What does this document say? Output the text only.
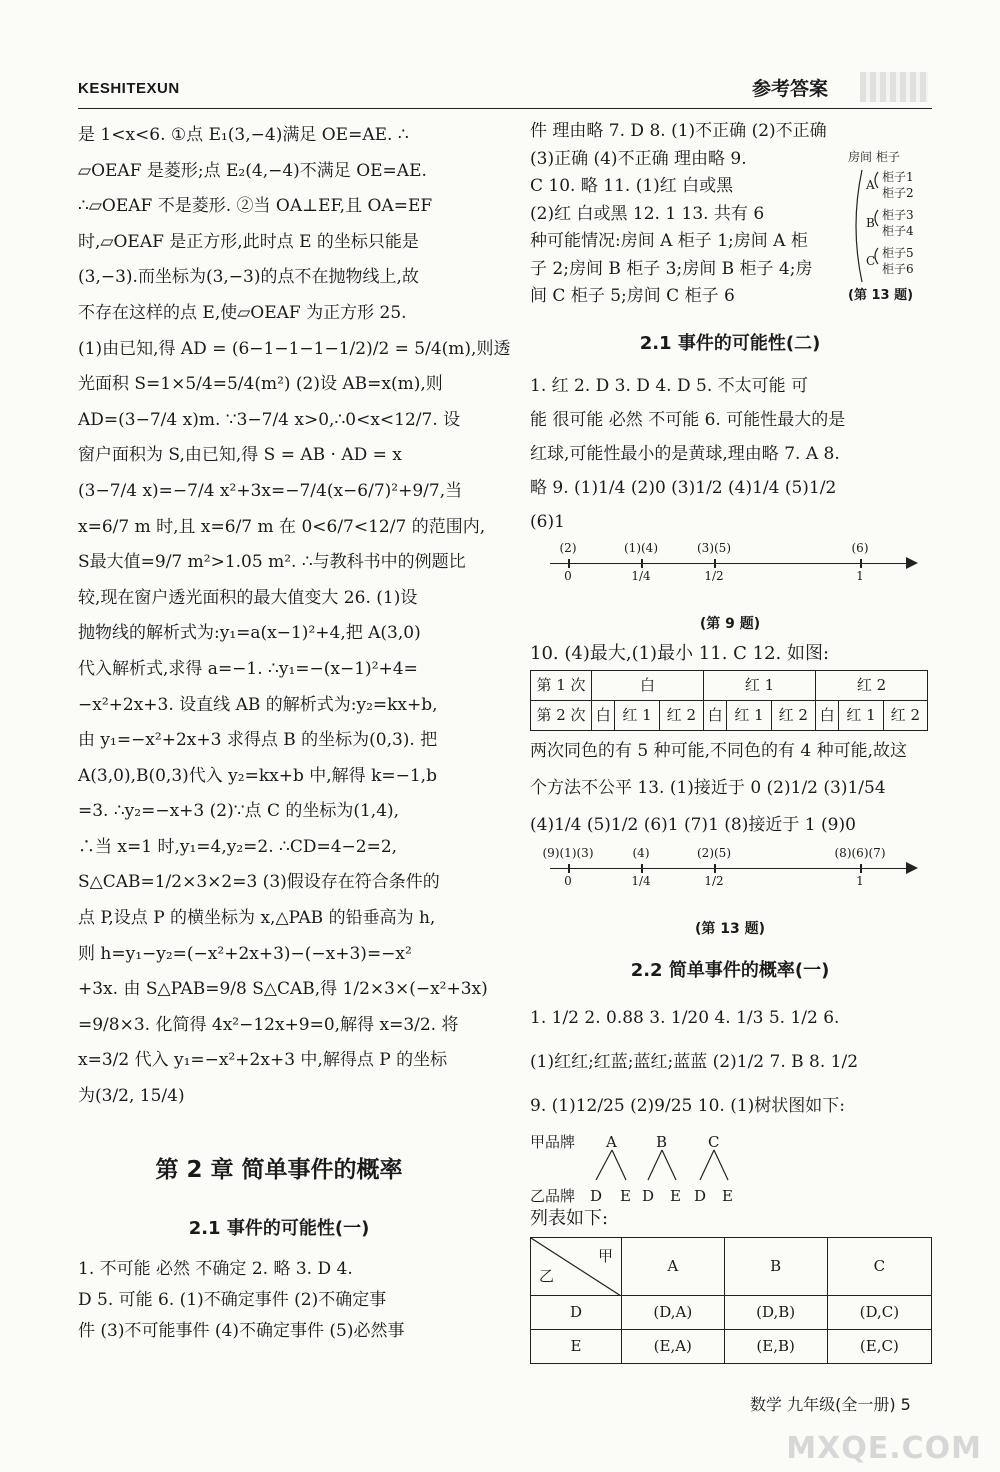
KESHITEXUN	参考答案
是 1<x<6. ①点 E₁(3,−4)满足 OE=AE. ∴
▱OEAF 是菱形;点 E₂(4,−4)不满足 OE=AE.
∴▱OEAF 不是菱形. ②当 OA⊥EF,且 OA=EF
时,▱OEAF 是正方形,此时点 E 的坐标只能是
(3,−3).而坐标为(3,−3)的点不在抛物线上,故
不存在这样的点 E,使▱OEAF 为正方形 25.
(1)由已知,得 AD = (6−1−1−1−1/2)/2 = 5/4(m),则透
光面积 S=1×5/4=5/4(m²) (2)设 AB=x(m),则
AD=(3−7/4 x)m. ∵3−7/4 x>0,∴0<x<12/7. 设
窗户面积为 S,由已知,得 S = AB · AD = x
(3−7/4 x)=−7/4 x²+3x=−7/4(x−6/7)²+9/7,当
x=6/7 m 时,且 x=6/7 m 在 0<6/7<12/7 的范围内,
S最大值=9/7 m²>1.05 m². ∴与教科书中的例题比
较,现在窗户透光面积的最大值变大 26. (1)设
抛物线的解析式为:y₁=a(x−1)²+4,把 A(3,0)
代入解析式,求得 a=−1. ∴y₁=−(x−1)²+4=
−x²+2x+3. 设直线 AB 的解析式为:y₂=kx+b,
由 y₁=−x²+2x+3 求得点 B 的坐标为(0,3). 把
A(3,0),B(0,3)代入 y₂=kx+b 中,解得 k=−1,b
=3. ∴y₂=−x+3 (2)∵点 C 的坐标为(1,4),
∴当 x=1 时,y₁=4,y₂=2. ∴CD=4−2=2,
S△CAB=1/2×3×2=3 (3)假设存在符合条件的
点 P,设点 P 的横坐标为 x,△PAB 的铅垂高为 h,
则 h=y₁−y₂=(−x²+2x+3)−(−x+3)=−x²
+3x. 由 S△PAB=9/8 S△CAB,得 1/2×3×(−x²+3x)
=9/8×3. 化简得 4x²−12x+9=0,解得 x=3/2. 将
x=3/2 代入 y₁=−x²+2x+3 中,解得点 P 的坐标
为(3/2, 15/4)
第 2 章 简单事件的概率
2.1 事件的可能性(一)
1. 不可能 必然 不确定 2. 略 3. D 4.
D 5. 可能 6. (1)不确定事件 (2)不确定事
件 (3)不可能事件 (4)不确定事件 (5)必然事
件 理由略 7. D 8. (1)不正确 (2)不正确
(3)正确 (4)不正确 理由略 9.
C 10. 略 11. (1)红 白或黑
(2)红 白或黑 12. 1 13. 共有 6
种可能情况:房间 A 柜子 1;房间 A 柜
子 2;房间 B 柜子 3;房间 B 柜子 4;房
间 C 柜子 5;房间 C 柜子 6
2.1 事件的可能性(二)
1. 红 2. D 3. D 4. D 5. 不太可能 可
能 很可能 必然 不可能 6. 可能性最大的是
红球,可能性最小的是黄球,理由略 7. A 8.
略 9. (1)1/4 (2)0 (3)1/2 (4)1/4 (5)1/2
(6)1
(2)
0
(1)(4)
1/4
(3)(5)
1/2
(6)
1
(第 9 题)
10. (4)最大,(1)最小 11. C 12. 如图:
第 1 次	白			红 1			红 2		
第 2 次	白	红 1	红 2	白	红 1	红 2	白	红 1	红 2
两次同色的有 5 种可能,不同色的有 4 种可能,故这
个方法不公平 13. (1)接近于 0 (2)1/2 (3)1/54
(4)1/4 (5)1/2 (6)1 (7)1 (8)接近于 1 (9)0
(9)(1)(3)
0
(4)
1/4
(2)(5)
1/2
(8)(6)(7)
1
(第 13 题)
2.2 简单事件的概率(一)
1. 1/2 2. 0.88 3. 1/20 4. 1/3 5. 1/2 6.
(1)红红;红蓝;蓝红;蓝蓝 (2)1/2 7. B 8. 1/2
9. (1)12/25 (2)9/25 10. (1)树状图如下:
甲品牌 A	B	C
乙品牌 D E D E D E
列表如下:
甲
乙	A	B	C
D	(D,A)	(D,B)	(D,C)
E	(E,A)	(E,B)	(E,C)
房间 柜子
A
B
C
柜子1
柜子2
柜子3
柜子4
柜子5
柜子6
(第 13 题)
数学 九年级(全一册) 5
MXQE.COM
